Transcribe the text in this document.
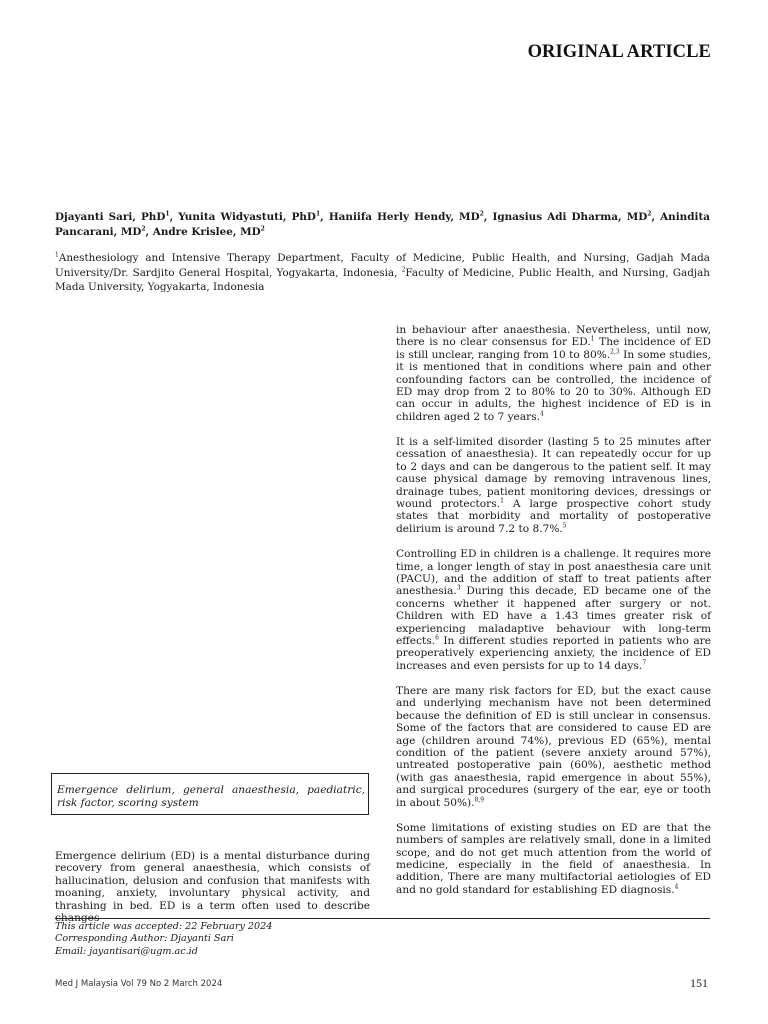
ORIGINAL ARTICLE
Djayanti Sari, PhD$^1$, Yunita Widyastuti, PhD$^1$, Haniifa Herly Hendy, $MD^2$, Ignasius Adi Dharma, $MD^2$, Anindita Pancarani, $MD^2$, Andre Krislee, $MD^2$
$^1$Anesthesiology and Intensive Therapy Department, Faculty of Medicine, Public Health, and Nursing, Gadjah Mada University/Dr. Sardjito General Hospital, Yogyakarta, Indonesia, $^2$Faculty of Medicine, Public Health, and Nursing, Gadjah Mada University, Yogyakarta, Indonesia

in behaviour after anaesthesia. Nevertheless, until now, there is no clear consensus for ED.$^1$ The incidence of ED is still unclear, ranging from 10 to 80%.$^{2,3}$ In some studies, it is mentioned that in conditions where pain and other confounding factors can be controlled, the incidence of ED may drop from 2 to 80% to 20 to 30%. Although ED can occur in adults, the highest incidence of ED is in children aged 2 to 7 years.$^4$

It is a self-limited disorder (lasting 5 to 25 minutes after cessation of anaesthesia). It can repeatedly occur for up to 2 days and can be dangerous to the patient self. It may cause physical damage by removing intravenous lines, drainage tubes, patient monitoring devices, dressings or wound protectors.$^1$ A large prospective cohort study states that morbidity and mortality of postoperative delirium is around 7.2 to 8.7%.$^5$

Controlling ED in children is a challenge. It requires more time, a longer length of stay in post anaesthesia care unit (PACU), and the addition of staff to treat patients after anesthesia.$^3$ During this decade, ED became one of the concerns whether it happened after surgery or not. Children with ED have a 1.43 times greater risk of experiencing maladaptive behaviour with long-term effects.$^6$ In different studies reported in patients who are preoperatively experiencing anxiety, the incidence of ED increases and even persists for up to 14 days.$^7$

There are many risk factors for ED, but the exact cause and underlying mechanism have not been determined because the definition of ED is still unclear in consensus. Some of the factors that are considered to cause ED are age (children around 74%), previous ED (65%), mental condition of the patient (severe anxiety around 57%), untreated postoperative pain (60%), aesthetic method (with gas anaesthesia, rapid emergence in about 55%), and surgical procedures (surgery of the ear, eye or tooth in about 50%).$^{8,9}$

Some limitations of existing studies on ED are that the numbers of samples are relatively small, done in a limited scope, and do not get much attention from the world of medicine, especially in the field of anaesthesia. In addition, There are many multifactorial aetiologies of ED and no gold standard for establishing ED diagnosis.$^4$

Emergence delirium, general anaesthesia, paediatric, risk factor, scoring system

Emergence delirium (ED) is a mental disturbance during recovery from general anaesthesia, which consists of hallucination, delusion and confusion that manifests with moaning, anxiety, involuntary physical activity, and thrashing in bed. ED is a term often used to describe changes

This article was accepted: 22 February 2024
Corresponding Author: Djayanti Sari
Email: jayantisari@ugm.ac.id
Med J Malaysia Vol 79 No 2 March 2024	151
